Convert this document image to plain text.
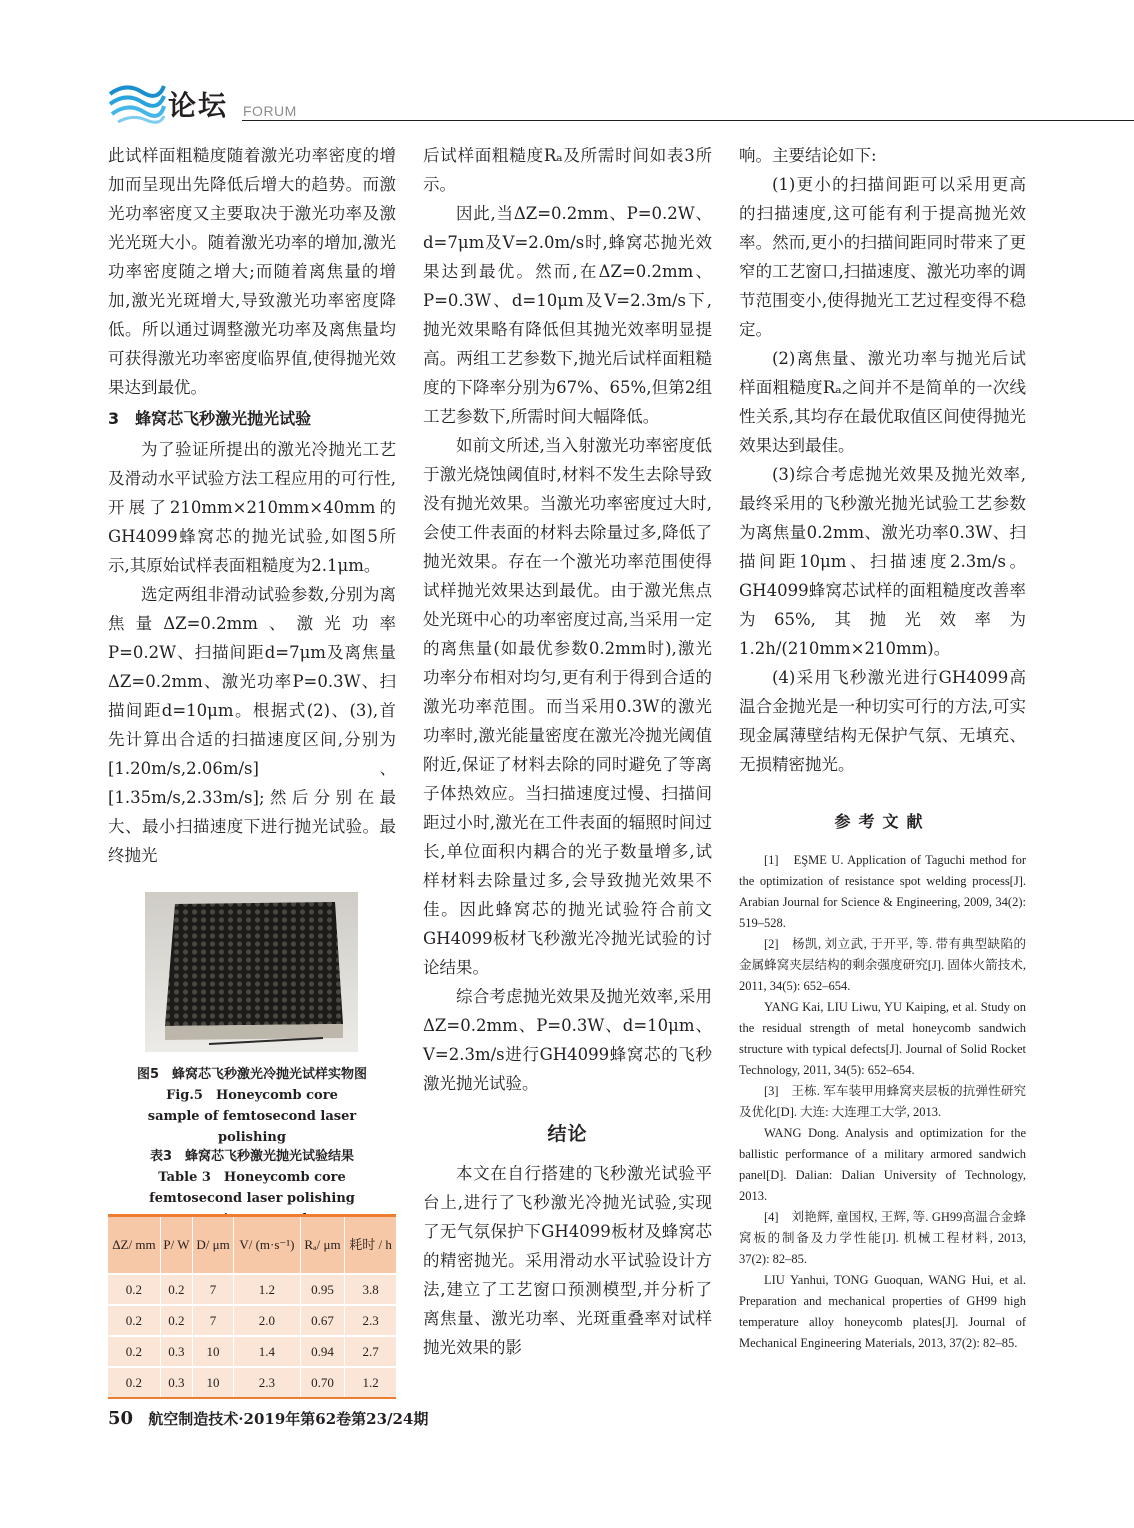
论坛 FORUM

此试样面粗糙度随着激光功率密度的增加而呈现出先降低后增大的趋势。而激光功率密度又主要取决于激光功率及激光光斑大小。随着激光功率的增加,激光功率密度随之增大;而随着离焦量的增加,激光光斑增大,导致激光功率密度降低。所以通过调整激光功率及离焦量均可获得激光功率密度临界值,使得抛光效果达到最优。

3　蜂窝芯飞秒激光抛光试验

为了验证所提出的激光冷抛光工艺及滑动水平试验方法工程应用的可行性,开展了210mm×210mm×40mm的GH4099蜂窝芯的抛光试验,如图5所示,其原始试样表面粗糙度为2.1μm。

选定两组非滑动试验参数,分别为离焦量ΔZ=0.2mm、激光功率P=0.2W、扫描间距d=7μm及离焦量ΔZ=0.2mm、激光功率P=0.3W、扫描间距d=10μm。根据式(2)、(3),首先计算出合适的扫描速度区间,分别为[1.20m/s,2.06m/s]、[1.35m/s,2.33m/s];然后分别在最大、最小扫描速度下进行抛光试验。最终抛光

图5　蜂窝芯飞秒激光冷抛光试样实物图
Fig.5　Honeycomb core sample of femtosecond laser polishing
表3　蜂窝芯飞秒激光抛光试验结果
Table 3　Honeycomb core femtosecond laser polishing
ΔZ/ mm	P/ W	D/ μm	V/ (m·s⁻¹)	Rₐ/ μm	耗时 / h
0.2	0.2	7	1.2	0.95	3.8
0.2	0.2	7	2.0	0.67	2.3
0.2	0.3	10	1.4	0.94	2.7
0.2	0.3	10	2.3	0.70	1.2

后试样面粗糙度Rₐ及所需时间如表3所示。

因此,当ΔZ=0.2mm、P=0.2W、d=7μm及V=2.0m/s时,蜂窝芯抛光效果达到最优。然而,在ΔZ=0.2mm、P=0.3W、d=10μm及V=2.3m/s下,抛光效果略有降低但其抛光效率明显提高。两组工艺参数下,抛光后试样面粗糙度的下降率分别为67%、65%,但第2组工艺参数下,所需时间大幅降低。

如前文所述,当入射激光功率密度低于激光烧蚀阈值时,材料不发生去除导致没有抛光效果。当激光功率密度过大时,会使工件表面的材料去除量过多,降低了抛光效果。存在一个激光功率范围使得试样抛光效果达到最优。由于激光焦点处光斑中心的功率密度过高,当采用一定的离焦量(如最优参数0.2mm时),激光功率分布相对均匀,更有利于得到合适的激光功率范围。而当采用0.3W的激光功率时,激光能量密度在激光冷抛光阈值附近,保证了材料去除的同时避免了等离子体热效应。当扫描速度过慢、扫描间距过小时,激光在工件表面的辐照时间过长,单位面积内耦合的光子数量增多,试样材料去除量过多,会导致抛光效果不佳。因此蜂窝芯的抛光试验符合前文GH4099板材飞秒激光冷抛光试验的讨论结果。

综合考虑抛光效果及抛光效率,采用ΔZ=0.2mm、P=0.3W、d=10μm、V=2.3m/s进行GH4099蜂窝芯的飞秒激光抛光试验。

结论

本文在自行搭建的飞秒激光试验平台上,进行了飞秒激光冷抛光试验,实现了无气氛保护下GH4099板材及蜂窝芯的精密抛光。采用滑动水平试验设计方法,建立了工艺窗口预测模型,并分析了离焦量、激光功率、光斑重叠率对试样抛光效果的影

响。主要结论如下:

(1)更小的扫描间距可以采用更高的扫描速度,这可能有利于提高抛光效率。然而,更小的扫描间距同时带来了更窄的工艺窗口,扫描速度、激光功率的调节范围变小,使得抛光工艺过程变得不稳定。

(2)离焦量、激光功率与抛光后试样面粗糙度Rₐ之间并不是简单的一次线性关系,其均存在最优取值区间使得抛光效果达到最佳。

(3)综合考虑抛光效果及抛光效率,最终采用的飞秒激光抛光试验工艺参数为离焦量0.2mm、激光功率0.3W、扫描间距10μm、扫描速度2.3m/s。GH4099蜂窝芯试样的面粗糙度改善率为65%,其抛光效率为1.2h/(210mm×210mm)。

(4)采用飞秒激光进行GH4099高温合金抛光是一种切实可行的方法,可实现金属薄壁结构无保护气氛、无填充、无损精密抛光。

参考文献

[1]　EŞME U. Application of Taguchi method for the optimization of resistance spot welding process[J]. Arabian Journal for Science & Engineering, 2009, 34(2): 519–528.

[2]　杨凯, 刘立武, 于开平, 等. 带有典型缺陷的金属蜂窝夹层结构的剩余强度研究[J]. 固体火箭技术, 2011, 34(5): 652–654.

YANG Kai, LIU Liwu, YU Kaiping, et al. Study on the residual strength of metal honeycomb sandwich structure with typical defects[J]. Journal of Solid Rocket Technology, 2011, 34(5): 652–654.

[3]　王栋. 军车装甲用蜂窝夹层板的抗弹性研究及优化[D]. 大连: 大连理工大学, 2013.

WANG Dong. Analysis and optimization for the ballistic performance of a military armored sandwich panel[D]. Dalian: Dalian University of Technology, 2013.

[4]　刘艳辉, 童国权, 王辉, 等. GH99高温合金蜂窝板的制备及力学性能[J]. 机械工程材料, 2013, 37(2): 82–85.

LIU Yanhui, TONG Guoquan, WANG Hui, et al. Preparation and mechanical properties of GH99 high temperature alloy honeycomb plates[J]. Journal of Mechanical Engineering Materials, 2013, 37(2): 82–85.

50 航空制造技术·2019年第62卷第23/24期
